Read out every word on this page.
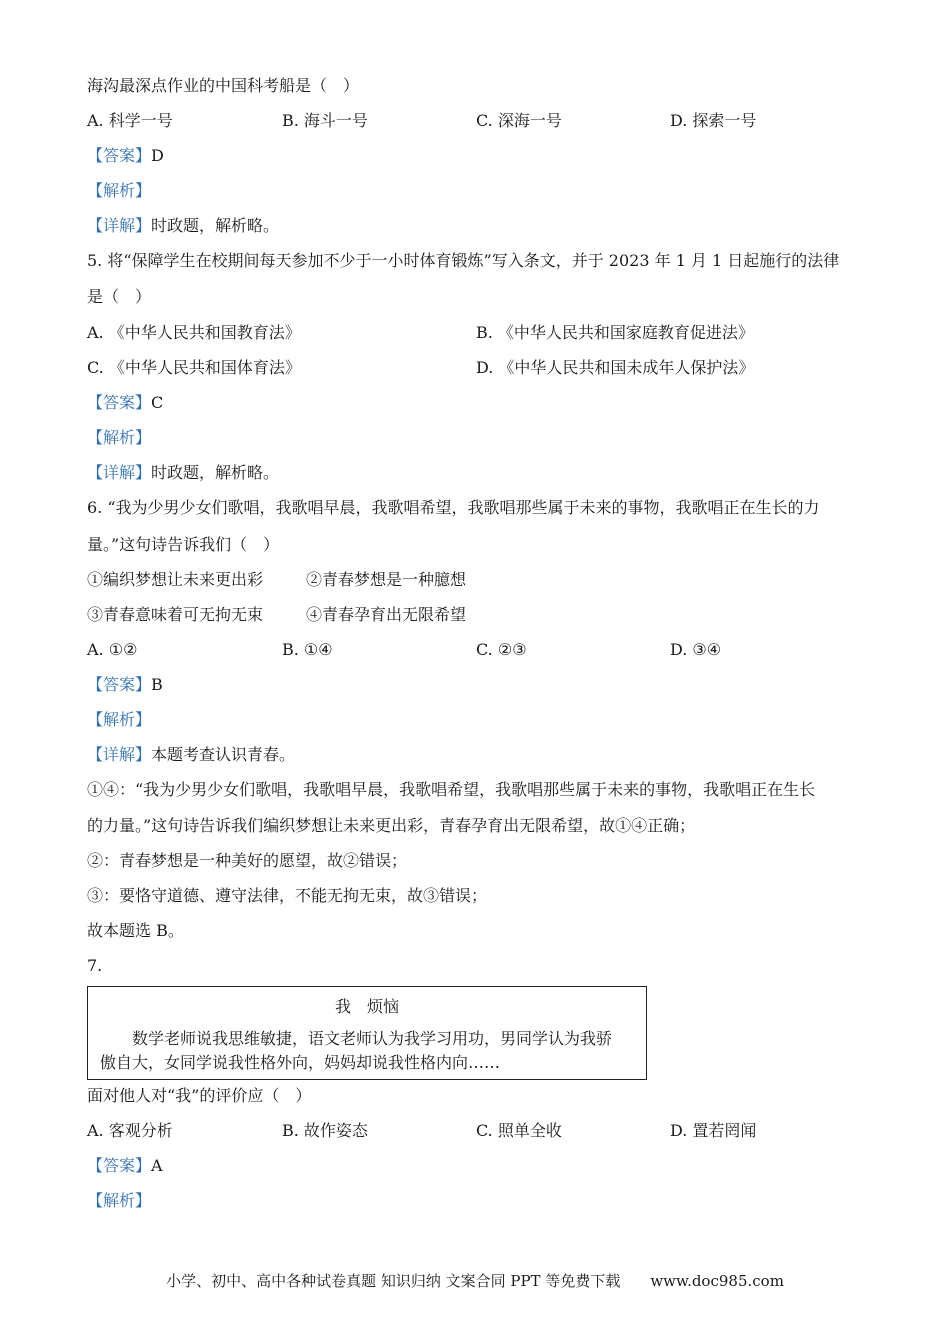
海沟最深点作业的中国科考船是（　）
A. 科学一号	B. 海斗一号	C. 深海一号	D. 探索一号
【答案】D
【解析】
【详解】时政题，解析略。
5. 将“保障学生在校期间每天参加不少于一小时体育锻炼”写入条文，并于 2023 年 1 月 1 日起施行的法律
是（　）
A. 《中华人民共和国教育法》	B. 《中华人民共和国家庭教育促进法》
C. 《中华人民共和国体育法》	D. 《中华人民共和国未成年人保护法》
【答案】C
【解析】
【详解】时政题，解析略。
6. “我为少男少女们歌唱，我歌唱早晨，我歌唱希望，我歌唱那些属于未来的事物，我歌唱正在生长的力
量。”这句诗告诉我们（　）
①编织梦想让未来更出彩	②青春梦想是一种臆想
③青春意味着可无拘无束	④青春孕育出无限希望
A. ①②	B. ①④	C. ②③	D. ③④
【答案】B
【解析】
【详解】本题考查认识青春。
①④：“我为少男少女们歌唱，我歌唱早晨，我歌唱希望，我歌唱那些属于未来的事物，我歌唱正在生长
的力量。”这句诗告诉我们编织梦想让未来更出彩，青春孕育出无限希望，故①④正确；
②：青春梦想是一种美好的愿望，故②错误；
③：要恪守道德、遵守法律，不能无拘无束，故③错误；
故本题选 B。
7.
我　烦恼
　　数学老师说我思维敏捷，语文老师认为我学习用功，男同学认为我骄
傲自大，女同学说我性格外向，妈妈却说我性格内向……
面对他人对“我”的评价应（　）
A. 客观分析	B. 故作姿态	C. 照单全收	D. 置若罔闻
【答案】A
【解析】
小学、初中、高中各种试卷真题 知识归纳 文案合同 PPT 等免费下载　　www.doc985.com
